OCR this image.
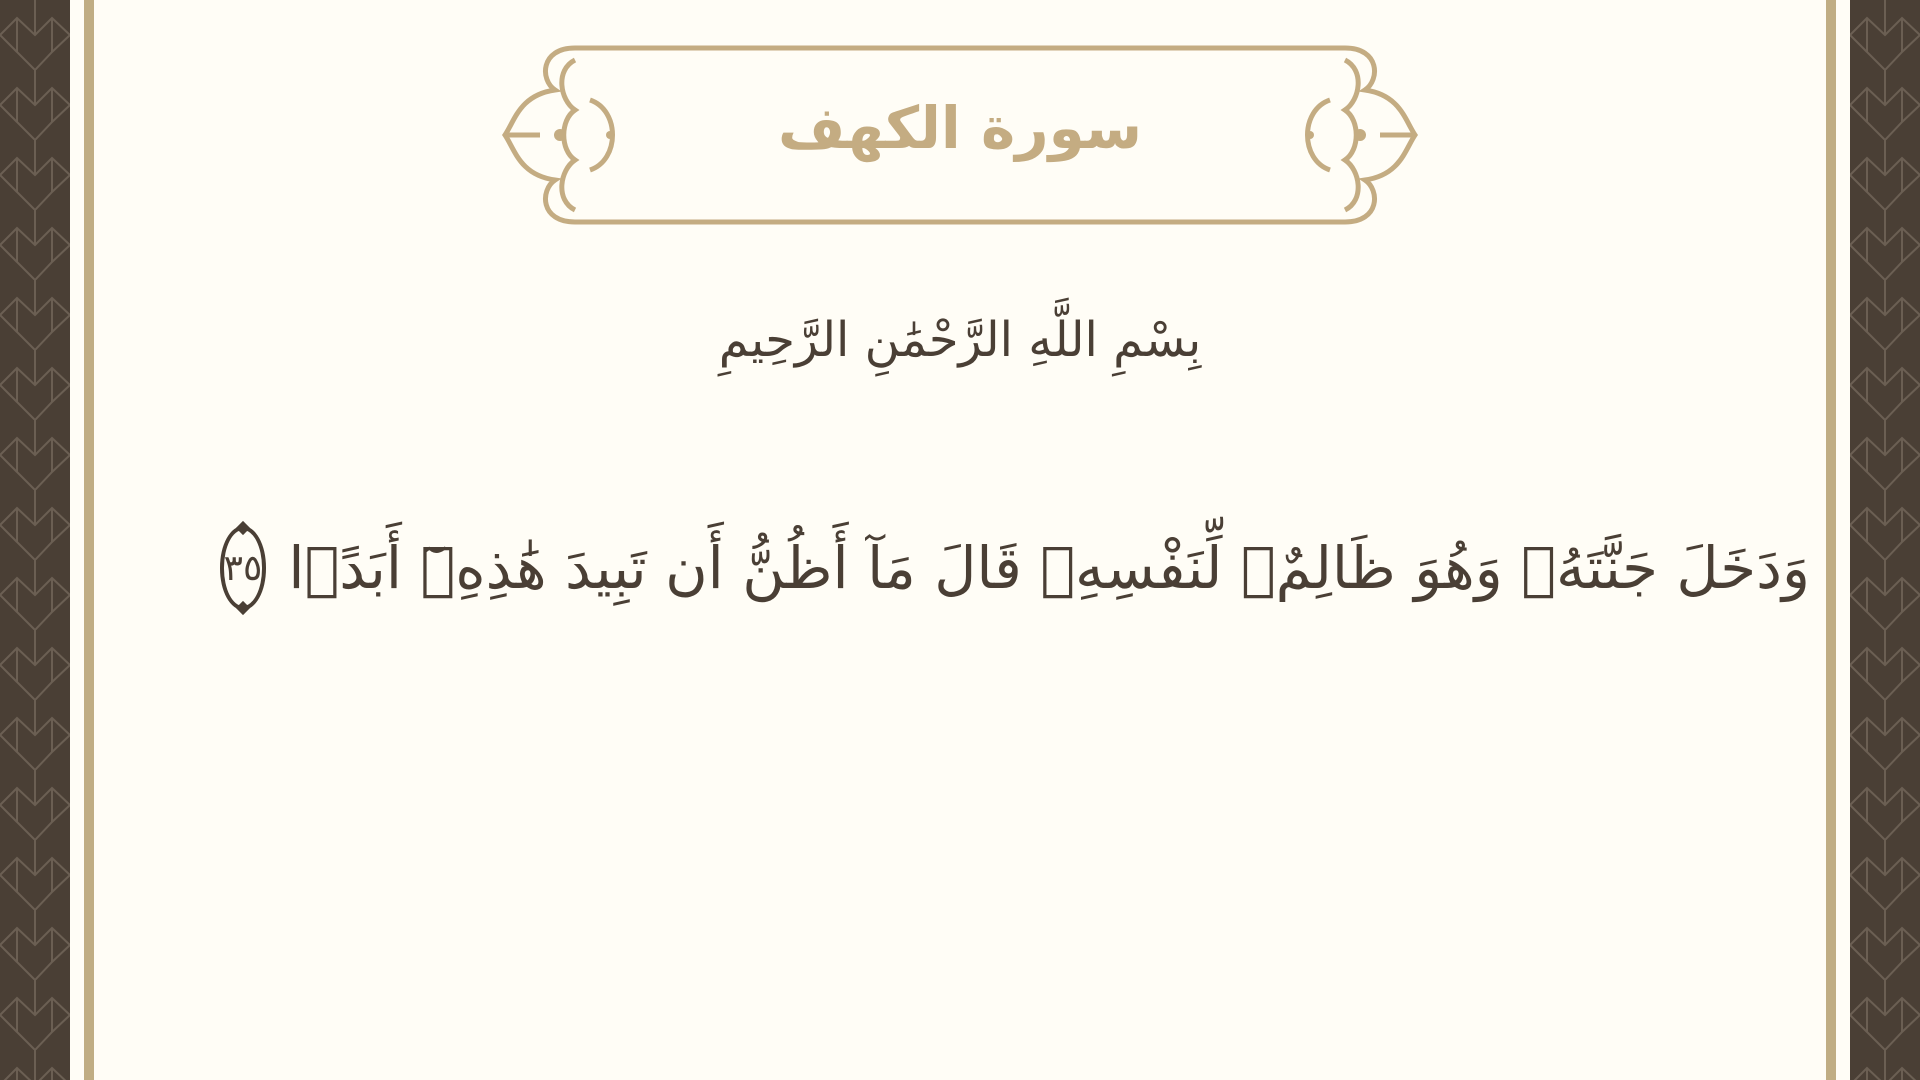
سورة الكهف
بِسْمِ اللَّهِ الرَّحْمَٰنِ الرَّحِيمِ
وَدَخَلَ جَنَّتَهُۥ وَهُوَ ظَالِمٌۭ لِّنَفْسِهِۦ قَالَ مَآ أَظُنُّ أَن تَبِيدَ هَٰذِهِۦٓ أَبَدًۭا
٣٥
